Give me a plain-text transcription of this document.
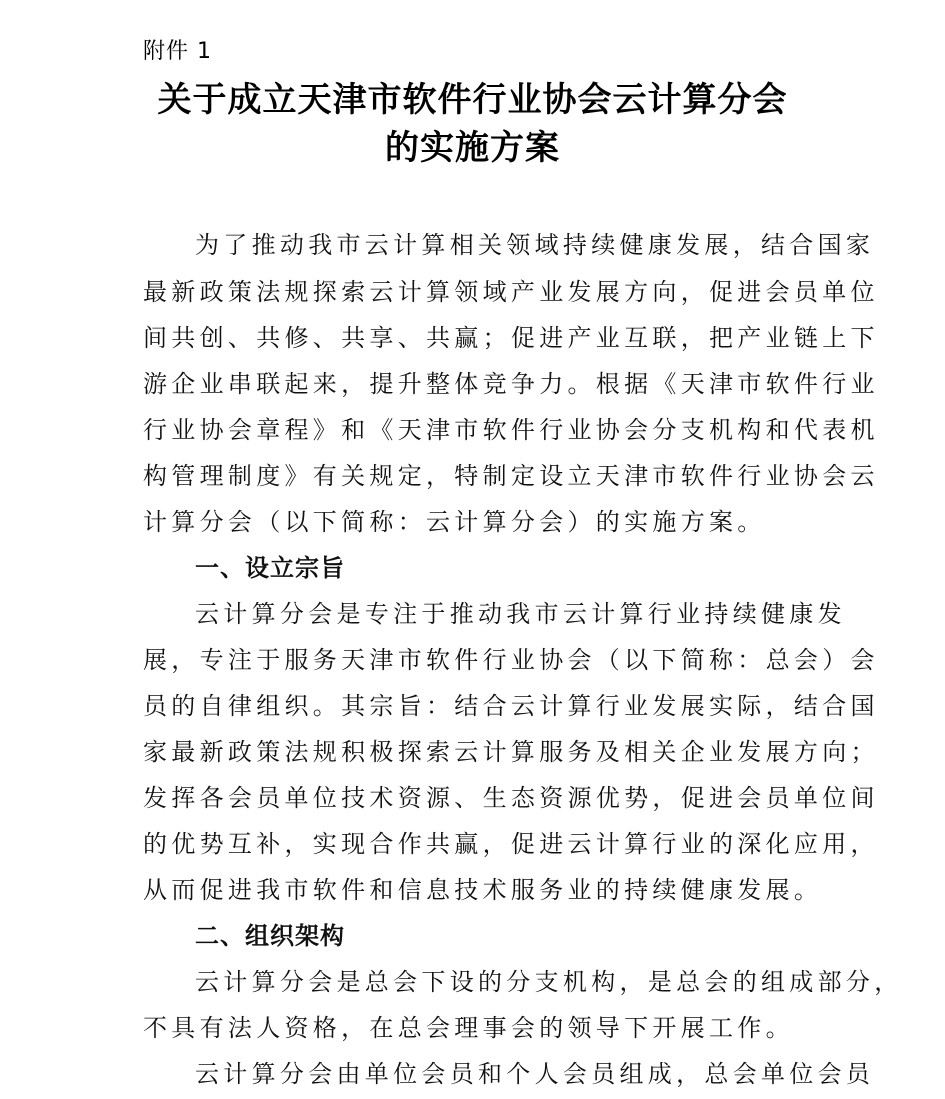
附件 1
关于成立天津市软件行业协会云计算分会
的实施方案
为了推动我市云计算相关领域持续健康发展，结合国家
最新政策法规探索云计算领域产业发展方向，促进会员单位
间共创、共修、共享、共赢；促进产业互联，把产业链上下
游企业串联起来，提升整体竞争力。根据《天津市软件行业
行业协会章程》和《天津市软件行业协会分支机构和代表机
构管理制度》有关规定，特制定设立天津市软件行业协会云
计算分会（以下简称：云计算分会）的实施方案。
一、设立宗旨
云计算分会是专注于推动我市云计算行业持续健康发
展，专注于服务天津市软件行业协会（以下简称：总会）会
员的自律组织。其宗旨：结合云计算行业发展实际，结合国
家最新政策法规积极探索云计算服务及相关企业发展方向；
发挥各会员单位技术资源、生态资源优势，促进会员单位间
的优势互补，实现合作共赢，促进云计算行业的深化应用，
从而促进我市软件和信息技术服务业的持续健康发展。
二、组织架构
云计算分会是总会下设的分支机构，是总会的组成部分，
不具有法人资格，在总会理事会的领导下开展工作。
云计算分会由单位会员和个人会员组成，总会单位会员
